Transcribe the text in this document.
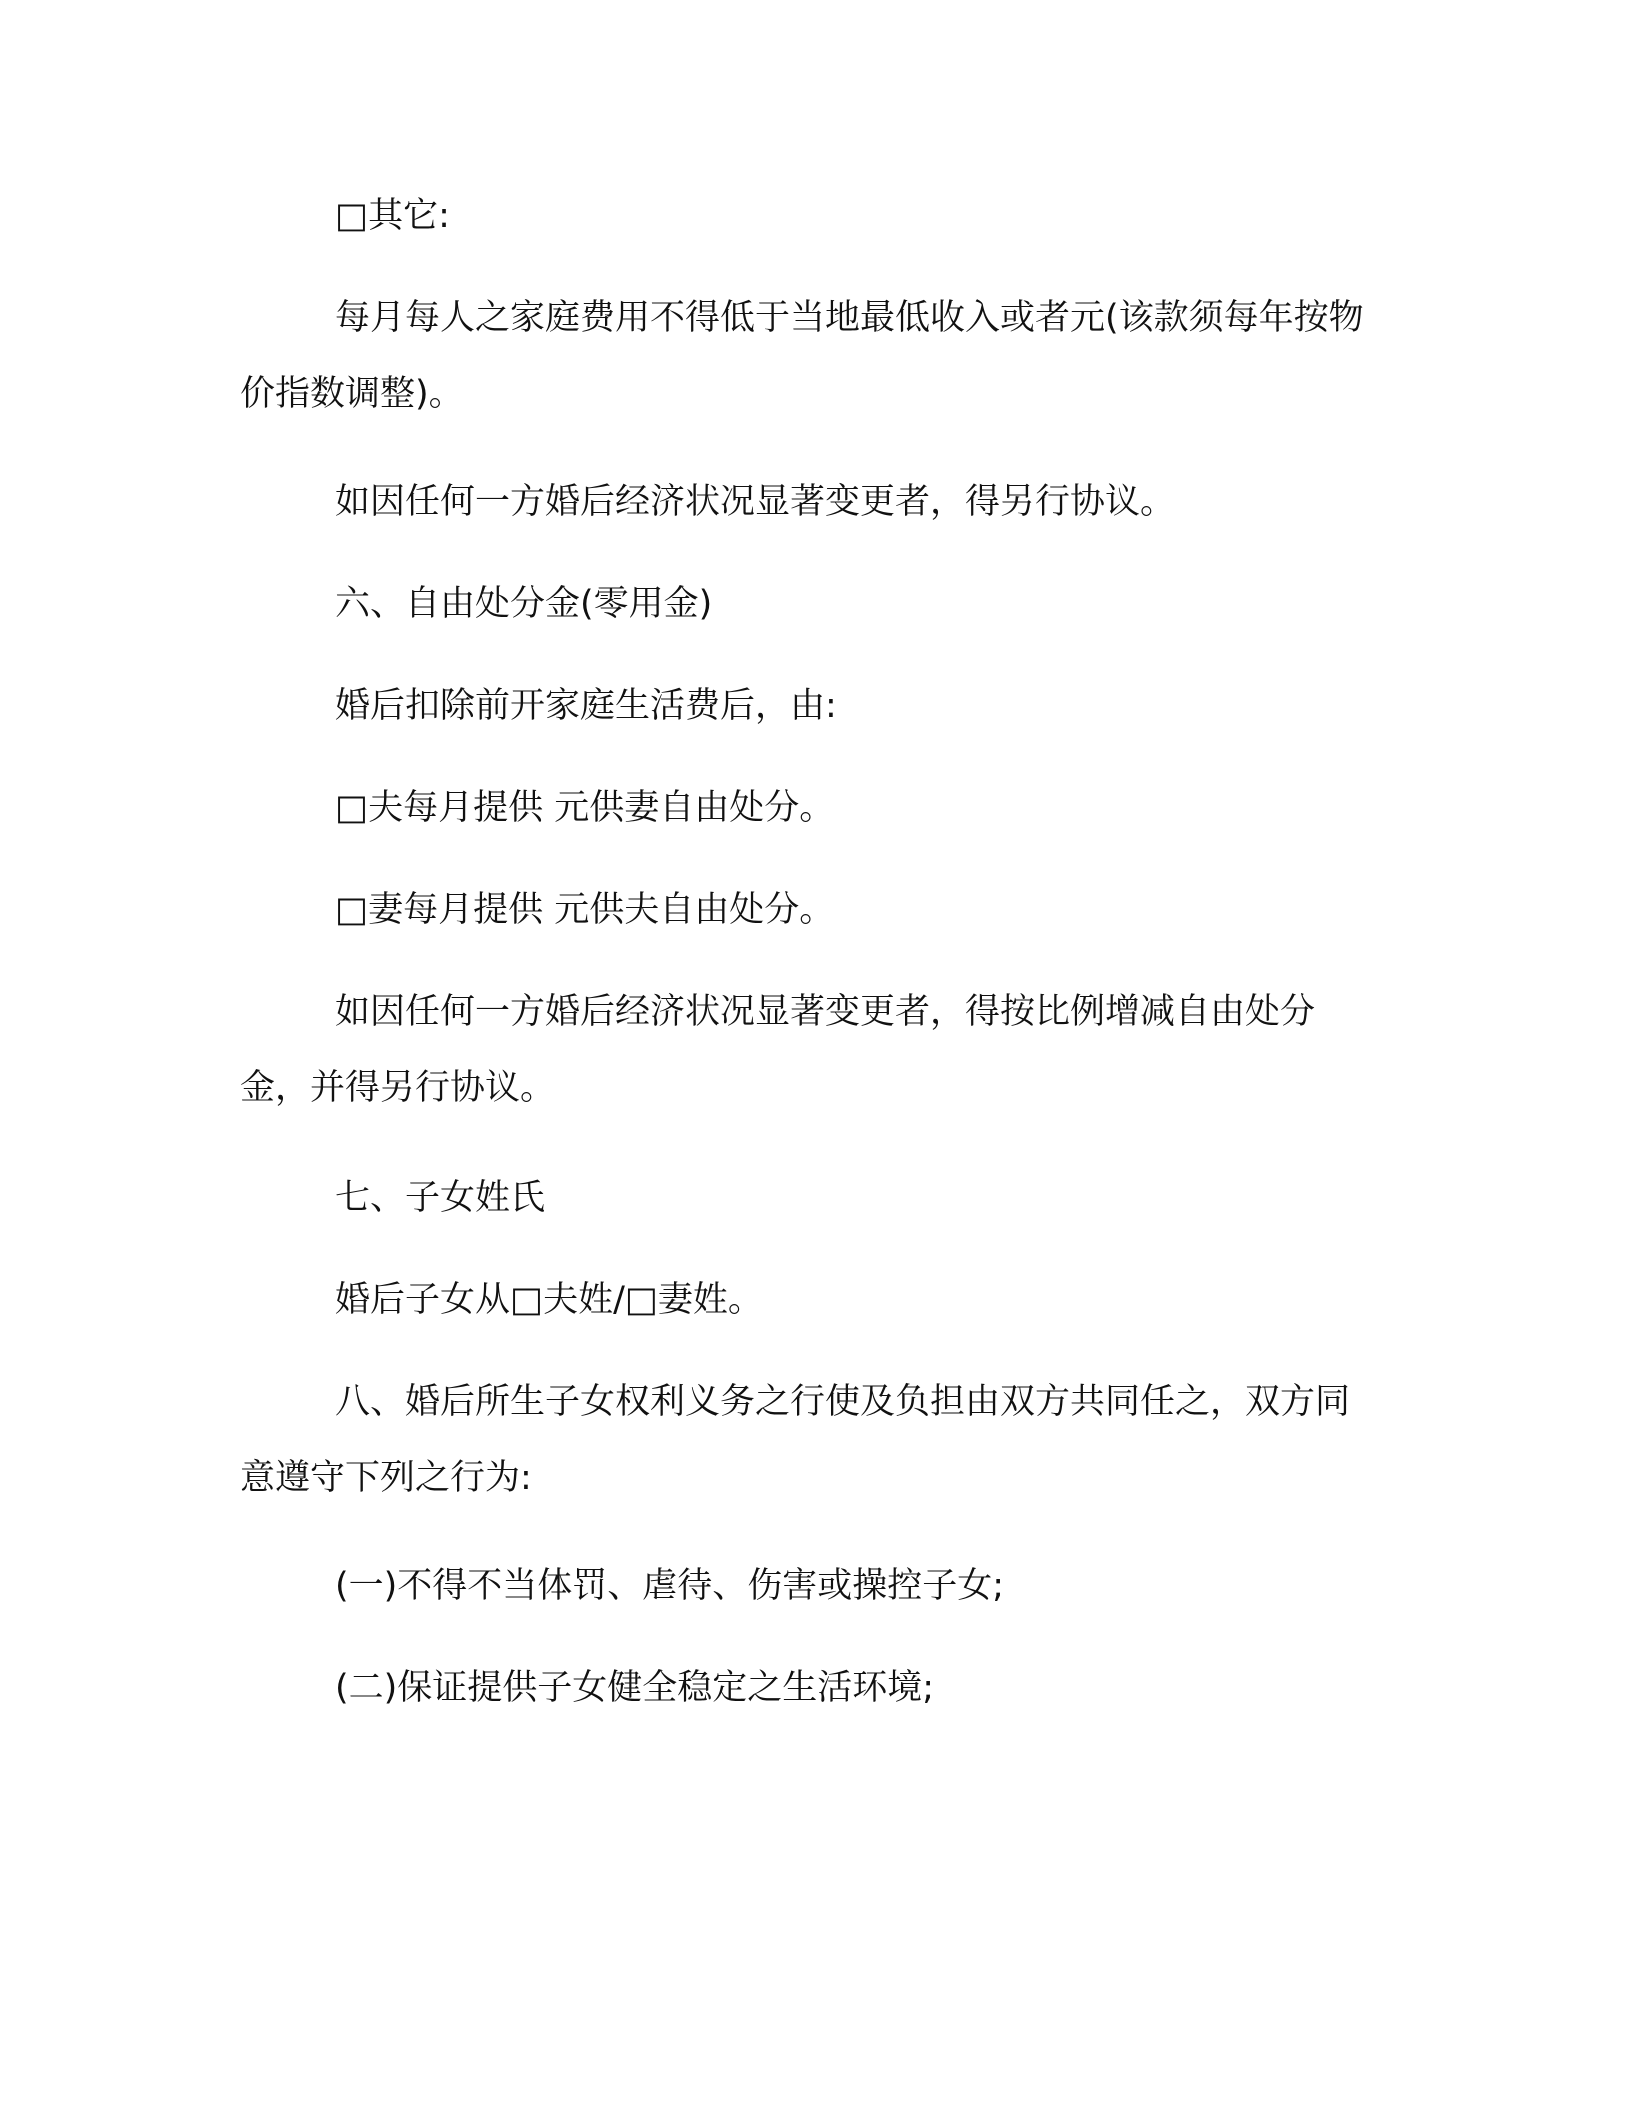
□其它:

每月每人之家庭费用不得低于当地最低收入或者元(该款须每年按物价指数调整)。

如因任何一方婚后经济状况显著变更者，得另行协议。

六、自由处分金(零用金)

婚后扣除前开家庭生活费后，由:

□夫每月提供 元供妻自由处分。

□妻每月提供 元供夫自由处分。

如因任何一方婚后经济状况显著变更者，得按比例增减自由处分金，并得另行协议。

七、子女姓氏

婚后子女从□夫姓/□妻姓。

八、婚后所生子女权利义务之行使及负担由双方共同任之，双方同意遵守下列之行为:

(一)不得不当体罚、虐待、伤害或操控子女;

(二)保证提供子女健全稳定之生活环境;
